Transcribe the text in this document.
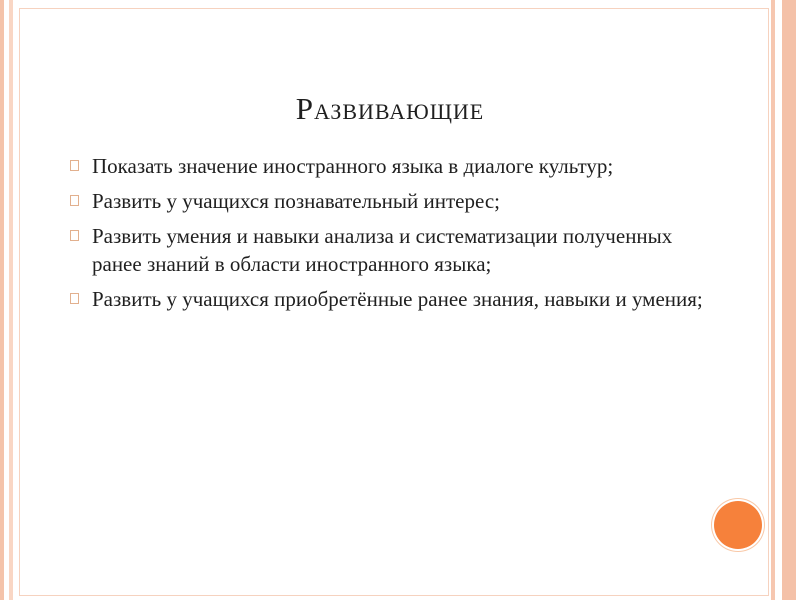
Развивающие
Показать значение иностранного языка в диалоге культур;
Развить у учащихся познавательный интерес;
Развить умения и навыки анализа и систематизации полученных ранее знаний в области иностранного языка;
Развить у учащихся приобретённые ранее знания, навыки и умения;
